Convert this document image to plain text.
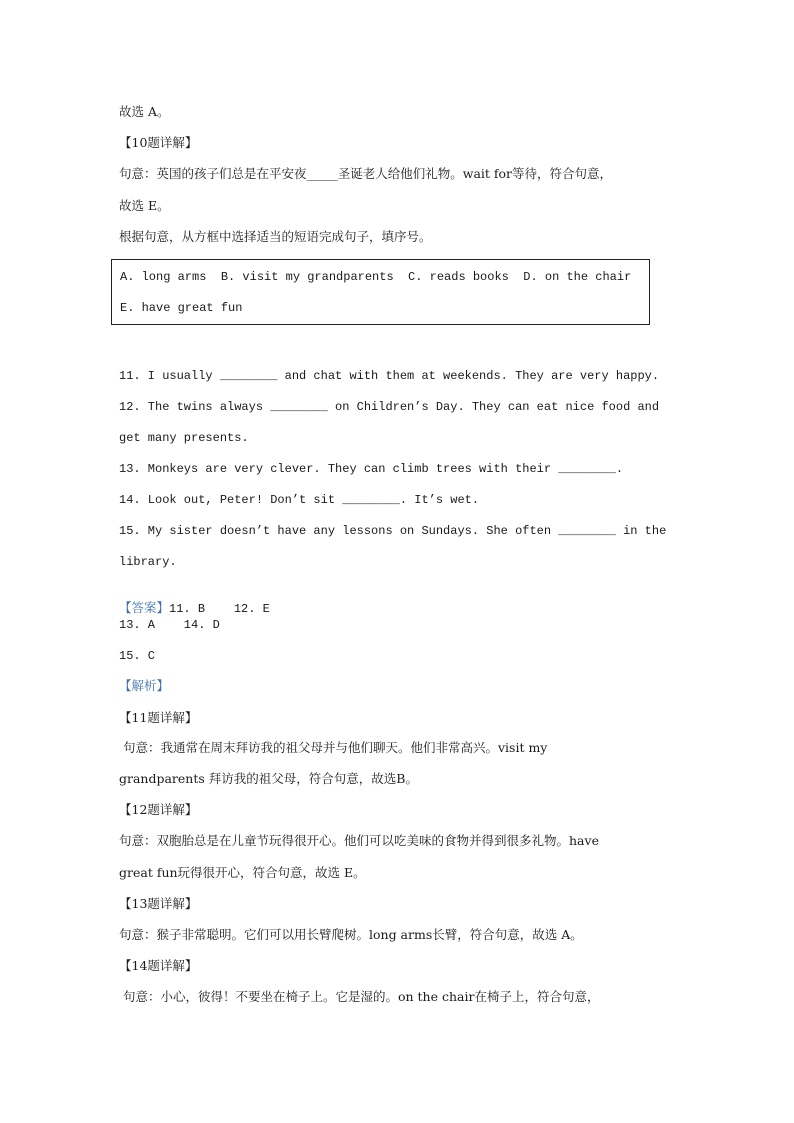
故选 A。

【10题详解】

句意：英国的孩子们总是在平安夜_____圣诞老人给他们礼物。wait for等待，符合句意，

故选 E。

根据句意，从方框中选择适当的短语完成句子，填序号。

A. long arms  B. visit my grandparents  C. reads books  D. on the chair
E. have great fun

11. I usually ________ and chat with them at weekends. They are very happy.

12. The twins always ________ on Children’s Day. They can eat nice food and

get many presents.

13. Monkeys are very clever. They can climb trees with their ________.

14. Look out, Peter! Don’t sit ________. It’s wet.

15. My sister doesn’t have any lessons on Sundays. She often ________ in the

library.

【答案】11. B    12. E

13. A    14. D

15. C

【解析】

【11题详解】

句意：我通常在周末拜访我的祖父母并与他们聊天。他们非常高兴。visit my

grandparents 拜访我的祖父母，符合句意，故选B。

【12题详解】

句意：双胞胎总是在儿童节玩得很开心。他们可以吃美味的食物并得到很多礼物。have

great fun玩得很开心，符合句意，故选 E。

【13题详解】

句意：猴子非常聪明。它们可以用长臂爬树。long arms长臂，符合句意，故选 A。

【14题详解】

句意：小心，彼得！不要坐在椅子上。它是湿的。on the chair在椅子上，符合句意，
